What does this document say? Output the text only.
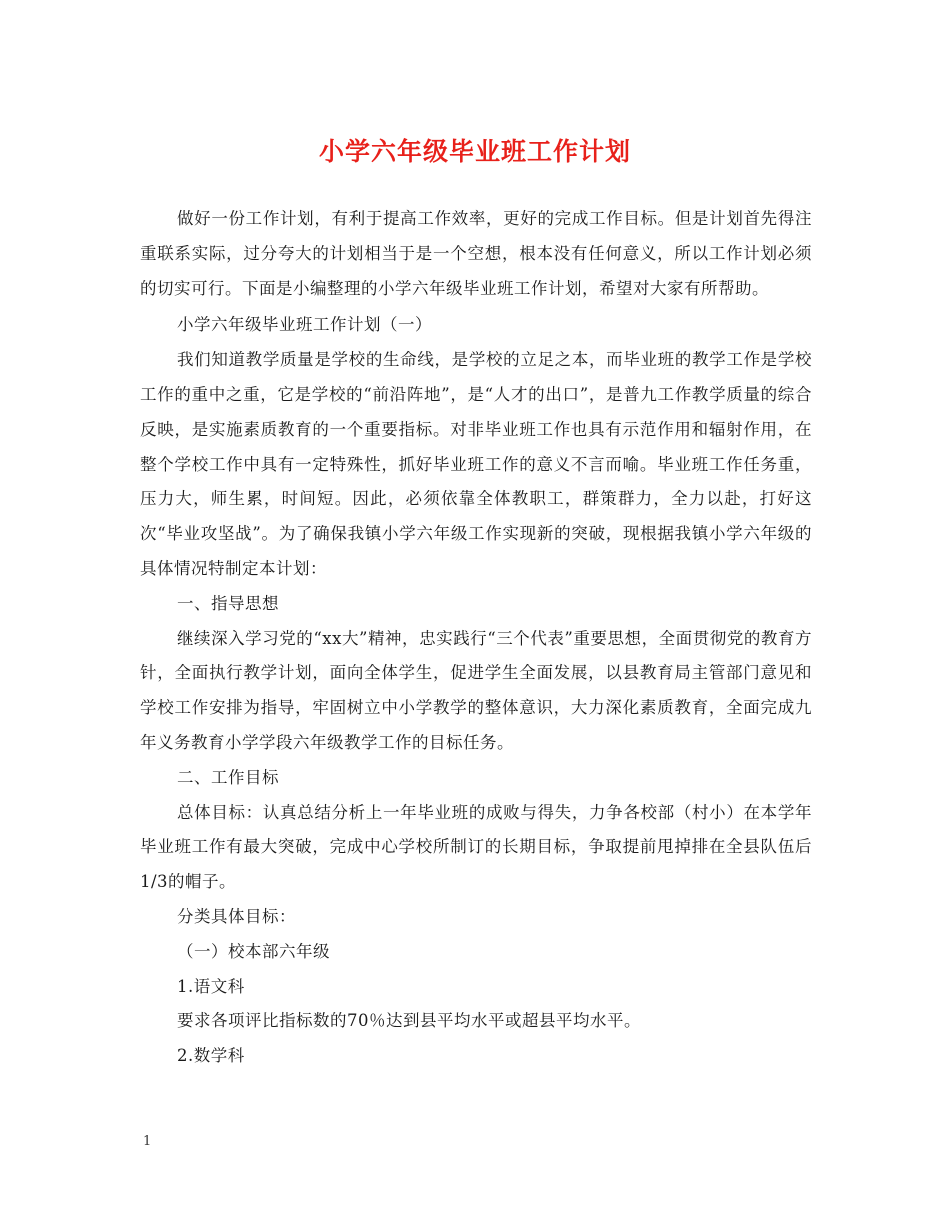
小学六年级毕业班工作计划

做好一份工作计划，有利于提高工作效率，更好的完成工作目标。但是计划首先得注重联系实际，过分夸大的计划相当于是一个空想，根本没有任何意义，所以工作计划必须的切实可行。下面是小编整理的小学六年级毕业班工作计划，希望对大家有所帮助。

小学六年级毕业班工作计划（一）

我们知道教学质量是学校的生命线，是学校的立足之本，而毕业班的教学工作是学校工作的重中之重，它是学校的“前沿阵地”，是“人才的出口”，是普九工作教学质量的综合反映，是实施素质教育的一个重要指标。对非毕业班工作也具有示范作用和辐射作用，在整个学校工作中具有一定特殊性，抓好毕业班工作的意义不言而喻。毕业班工作任务重，压力大，师生累，时间短。因此，必须依靠全体教职工，群策群力，全力以赴，打好这次“毕业攻坚战”。为了确保我镇小学六年级工作实现新的突破，现根据我镇小学六年级的具体情况特制定本计划：

一、指导思想

继续深入学习党的“xx大”精神，忠实践行“三个代表”重要思想，全面贯彻党的教育方针，全面执行教学计划，面向全体学生，促进学生全面发展，以县教育局主管部门意见和学校工作安排为指导，牢固树立中小学教学的整体意识，大力深化素质教育，全面完成九年义务教育小学学段六年级教学工作的目标任务。

二、工作目标

总体目标：认真总结分析上一年毕业班的成败与得失，力争各校部（村小）在本学年毕业班工作有最大突破，完成中心学校所制订的长期目标，争取提前甩掉排在全县队伍后1/3的帽子。

分类具体目标：

（一）校本部六年级

1.语文科

要求各项评比指标数的70％达到县平均水平或超县平均水平。

2.数学科

1
